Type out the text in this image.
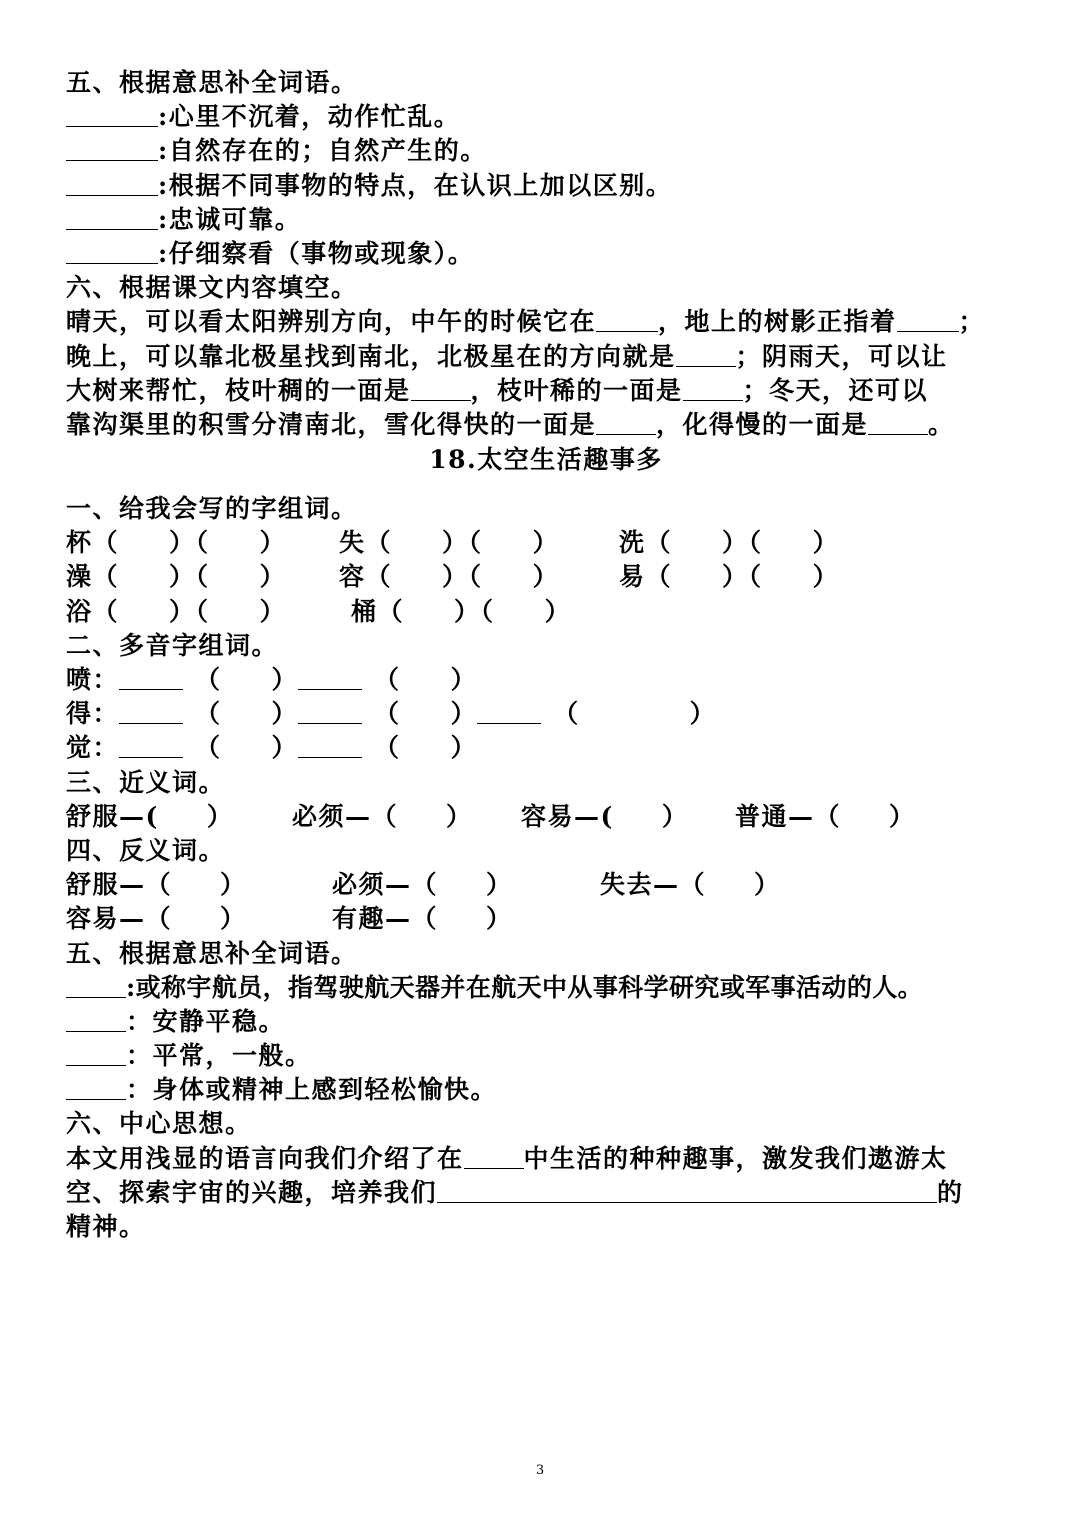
五、根据意思补全词语。
:心里不沉着，动作忙乱。
:自然存在的；自然产生的。
:根据不同事物的特点，在认识上加以区别。
:忠诚可靠。
:仔细察看（事物或现象）。
六、根据课文内容填空。
晴天，可以看太阳辨别方向，中午的时候它在 ，地上的树影正指着 ；
晚上，可以靠北极星找到南北，北极星在的方向就是 ；阴雨天，可以让
大树来帮忙，枝叶稠的一面是 ，枝叶稀的一面是 ；冬天，还可以
靠沟渠里的积雪分清南北，雪化得快的一面是 ，化得慢的一面是 。
18.太空生活趣事多
一、给我会写的字组词。
杯（ ）（ ） 失（ ）（ ） 洗（ ）（ ）
澡（ ）（ ） 容（ ）（ ） 易（ ）（ ）
浴（ ）（ ）	桶（ ）（ ）
二、多音字组词。
喷：	（ ）	（ ）
得：	（ ）	（ ）	（	）
觉：	（ ）	（ ）
三、近义词。
舒服—( ） 必须—（ ） 容易—( ） 普通—（ ）
四、反义词。
舒服—（ ）	必须—（ ）	失去—（ ）
容易—（ ）	有趣—（ ）
五、根据意思补全词语。
:或称宇航员，指驾驶航天器并在航天中从事科学研究或军事活动的人。
：安静平稳。
：平常，一般。
：身体或精神上感到轻松愉快。
六、中心思想。
本文用浅显的语言向我们介绍了在 中生活的种种趣事，激发我们遨游太
空、探索宇宙的兴趣，培养我们	的
精神。
3
